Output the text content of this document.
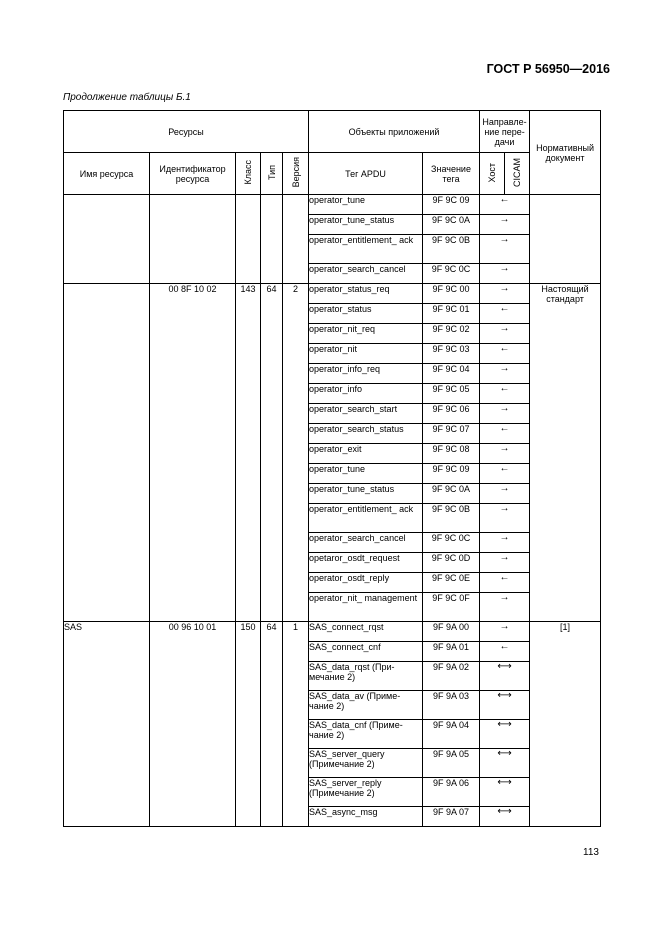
ГОСТ Р 56950—2016
Продолжение таблицы Б.1
Ресурсы					Объекты приложений		Направле-ние пере-дачи		Нормативный документ
Имя ресурса	Идентификатор ресурса	Класс	Тип	Версия	Тег APDU	Значение тега	Хост	CICAM	
					operator_tune	9F 9C 09	←		
					operator_tune_status	9F 9C 0A	→		
					operator_entitlement_ ack	9F 9C 0B	→		
					operator_search_cancel	9F 9C 0C	→		
	00 8F 10 02	143	64	2	operator_status_req	9F 9C 00	→		Настоящий стандарт
					operator_status	9F 9C 01	←		
					operator_nit_req	9F 9C 02	→		
					operator_nit	9F 9C 03	←		
					operator_info_req	9F 9C 04	→		
					operator_info	9F 9C 05	←		
					operator_search_start	9F 9C 06	→		
					operator_search_status	9F 9C 07	←		
					operator_exit	9F 9C 08	→		
					operator_tune	9F 9C 09	←		
					operator_tune_status	9F 9C 0A	→		
					operator_entitlement_ ack	9F 9C 0B	→		
					operator_search_cancel	9F 9C 0C	→		
					opetaror_osdt_request	9F 9C 0D	→		
					operator_osdt_reply	9F 9C 0E	←		
					operator_nit_ management	9F 9C 0F	→		
SAS	00 96 10 01	150	64	1	SAS_connect_rqst	9F 9A 00	→		[1]
					SAS_connect_cnf	9F 9A 01	←		
					SAS_data_rqst (При-мечание 2)	9F 9A 02	⟷		
					SAS_data_av (Приме-чание 2)	9F 9A 03	⟷		
					SAS_data_cnf (Приме-чание 2)	9F 9A 04	⟷		
					SAS_server_query (Примечание 2)	9F 9A 05	⟷		
					SAS_server_reply (Примечание 2)	9F 9A 06	⟷		
					SAS_async_msg	9F 9A 07	⟷		
113
